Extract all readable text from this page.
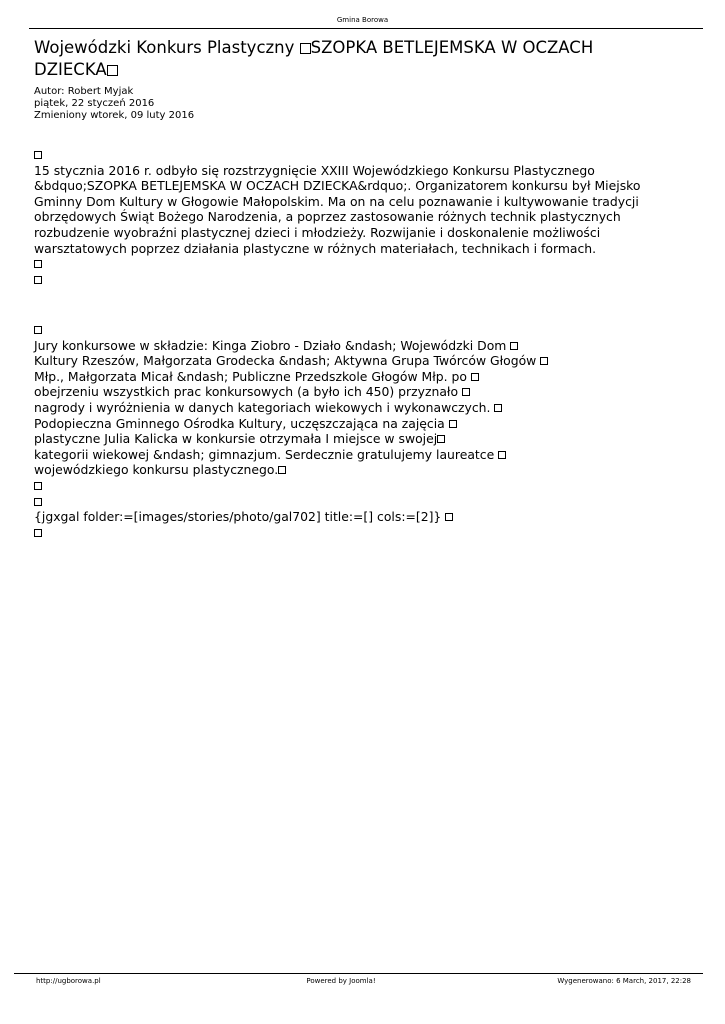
Gmina Borowa
Wojewódzki Konkurs Plastyczny SZOPKA BETLEJEMSKA W OCZACH
DZIECKA
Autor: Robert Myjak
piątek, 22 styczeń 2016
Zmieniony wtorek, 09 luty 2016
15 stycznia 2016 r. odbyło się rozstrzygnięcie XXIII Wojewódzkiego Konkursu Plastycznego
&bdquo;SZOPKA BETLEJEMSKA W OCZACH DZIECKA&rdquo;. Organizatorem konkursu był Miejsko
Gminny Dom Kultury w Głogowie Małopolskim. Ma on na celu poznawanie i kultywowanie tradycji
obrzędowych Świąt Bożego Narodzenia, a poprzez zastosowanie różnych technik plastycznych
rozbudzenie wyobraźni plastycznej dzieci i młodzieży. Rozwijanie i doskonalenie możliwości
warsztatowych poprzez działania plastyczne w różnych materiałach, technikach i formach.
Jury konkursowe w składzie: Kinga Ziobro - Działo &ndash; Wojewódzki Dom
Kultury Rzeszów, Małgorzata Grodecka &ndash; Aktywna Grupa Twórców Głogów
Młp., Małgorzata Micał &ndash; Publiczne Przedszkole Głogów Młp. po
obejrzeniu wszystkich prac konkursowych (a było ich 450) przyznało
nagrody i wyróżnienia w danych kategoriach wiekowych i wykonawczych.
Podopieczna Gminnego Ośrodka Kultury, uczęszczająca na zajęcia
plastyczne Julia Kalicka w konkursie otrzymała I miejsce w swojej
kategorii wiekowej &ndash; gimnazjum. Serdecznie gratulujemy laureatce
wojewódzkiego konkursu plastycznego.
{jgxgal folder:=[images/stories/photo/gal702] title:=[] cols:=[2]}
http://ugborowa.pl	Powered by Joomla!	Wygenerowano: 6 March, 2017, 22:28
